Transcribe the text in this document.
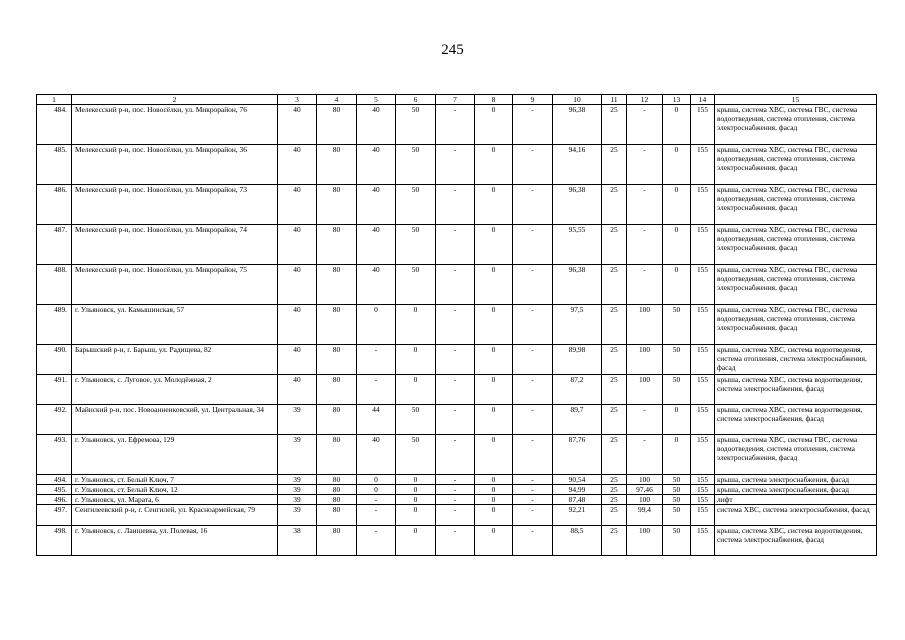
245
1	2	3	4	5	6	7	8	9	10	11	12	13	14	15
484.	Мелекесский р-н, пос. Новосёлки, ул. Микрорайон, 76	40	80	40	50	-	0	-	96,38	25	-	0	155	крыша, система ХВС, система ГВС, система водоотведения, система отопления, система электроснабжения, фасад
485.	Мелекесский р-н, пос. Новосёлки, ул. Микрорайон, 36	40	80	40	50	-	0	-	94,16	25	-	0	155	крыша, система ХВС, система ГВС, система водоотведения, система отопления, система электроснабжения, фасад
486.	Мелекесский р-н, пос. Новосёлки, ул. Микрорайон, 73	40	80	40	50	-	0	-	96,38	25	-	0	155	крыша, система ХВС, система ГВС, система водоотведения, система отопления, система электроснабжения, фасад
487.	Мелекесский р-н, пос. Новосёлки, ул. Микрорайон, 74	40	80	40	50	-	0	-	95,55	25	-	0	155	крыша, система ХВС, система ГВС, система водоотведения, система отопления, система электроснабжения, фасад
488.	Мелекесский р-н, пос. Новосёлки, ул. Микрорайон, 75	40	80	40	50	-	0	-	96,38	25	-	0	155	крыша, система ХВС, система ГВС, система водоотведения, система отопления, система электроснабжения, фасад
489.	г. Ульяновск, ул. Камышинская, 57	40	80	0	0	-	0	-	97,5	25	100	50	155	крыша, система ХВС, система ГВС, система водоотведения, система отопления, система электроснабжения, фасад
490.	Барышский р-н, г. Барыш, ул. Радищева, 82	40	80	-	0	-	0	-	89,98	25	100	50	155	крыша, система ХВС, система водоотведения, система отопления, система электроснабжения, фасад
491.	г. Ульяновск, с. Луговое, ул. Молодёжная, 2	40	80	-	0	-	0	-	87,2	25	100	50	155	крыша, система ХВС, система водоотведения, система электроснабжения, фасад
492.	Майнский р-н, пос. Новоанненковский, ул. Центральная, 34	39	80	44	50	-	0	-	89,7	25	-	0	155	крыша, система ХВС, система водоотведения, система электроснабжения, фасад
493.	г. Ульяновск, ул. Ефремова, 129	39	80	40	50	-	0	-	87,76	25	-	0	155	крыша, система ХВС, система ГВС, система водоотведения, система отопления, система электроснабжения, фасад
494.	г. Ульяновск, ст. Белый Ключ, 7	39	80	0	0	-	0	-	90,54	25	100	50	155	крыша, система электроснабжения, фасад
495.	г. Ульяновск, ст. Белый Ключ, 12	39	80	0	0	-	0	-	94,99	25	97,46	50	155	крыша, система электроснабжения, фасад
496.	г. Ульяновск, ул. Марата, 6	39	80	-	0	-	0	-	87,48	25	100	50	155	лифт
497.	Сенгилеевский р-н, г. Сенгилей, ул. Красноармейская, 79	39	80	-	0	-	0	-	92,21	25	99,4	50	155	система ХВС, система электроснабжения, фасад
498.	г. Ульяновск, с. Лаишевка, ул. Полевая, 16	38	80	-	0	-	0	-	88,5	25	100	50	155	крыша, система ХВС, система водоотведения, система электроснабжения, фасад
